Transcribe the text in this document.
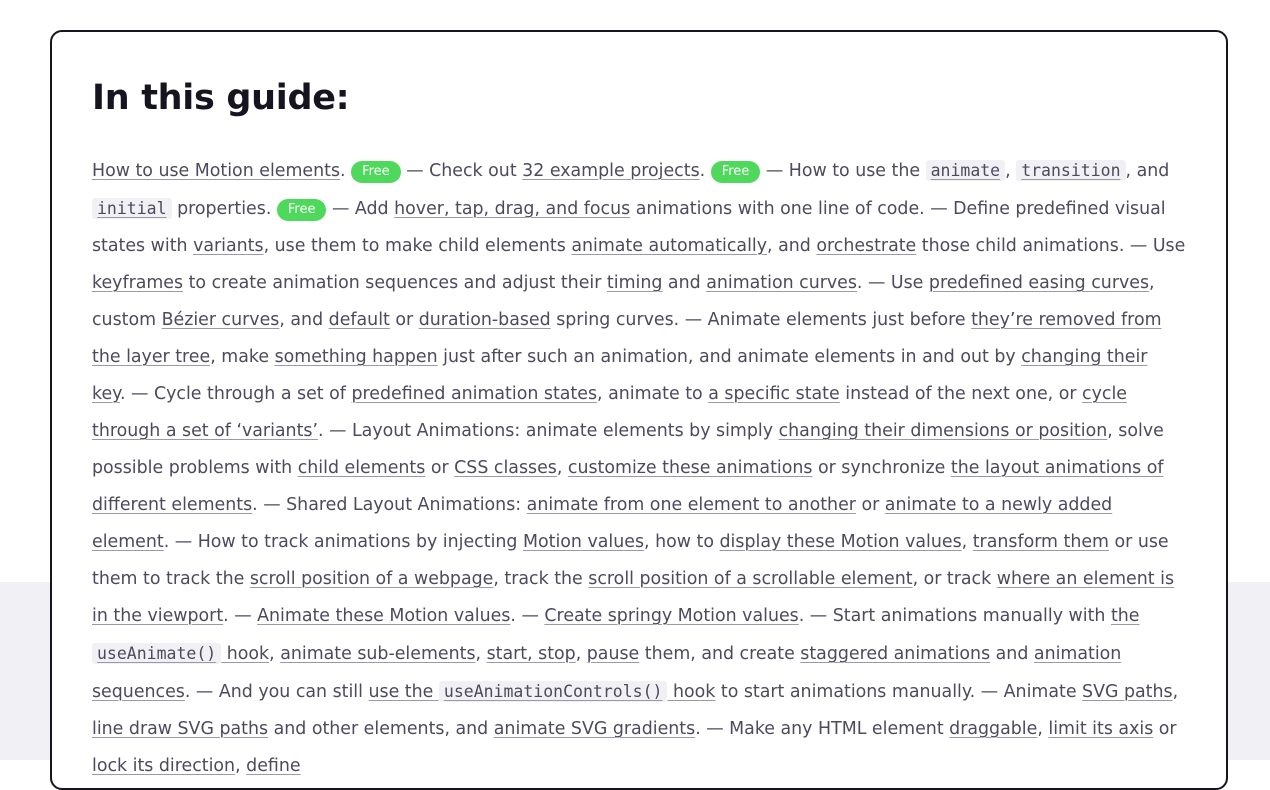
In this guide:
How to use Motion elements. Free — Check out 32 example projects. Free — How to use the animate , transition , and initial properties. Free — Add hover, tap, drag, and focus animations with one line of code. — Define predefined visual states with variants, use them to make child elements animate automatically, and orchestrate those child animations. — Use keyframes to create animation sequences and adjust their timing and animation curves. — Use predefined easing curves, custom Bézier curves, and default or duration-based spring curves. — Animate elements just before they’re removed from the layer tree, make something happen just after such an animation, and animate elements in and out by changing their key. — Cycle through a set of predefined animation states, animate to a specific state instead of the next one, or cycle through a set of ‘variants’. — Layout Animations: animate elements by simply changing their dimensions or position, solve possible problems with child elements or CSS classes, customize these animations or synchronize the layout animations of different elements. — Shared Layout Animations: animate from one element to another or animate to a newly added element. — How to track animations by injecting Motion values, how to display these Motion values, transform them or use them to track the scroll position of a webpage, track the scroll position of a scrollable element, or track where an element is in the viewport. — Animate these Motion values. — Create springy Motion values. — Start animations manually with the useAnimate() hook, animate sub-elements, start, stop, pause them, and create staggered animations and animation sequences. — And you can still use the useAnimationControls() hook to start animations manually. — Animate SVG paths, line draw SVG paths and other elements, and animate SVG gradients. — Make any HTML element draggable, limit its axis or lock its direction, define
